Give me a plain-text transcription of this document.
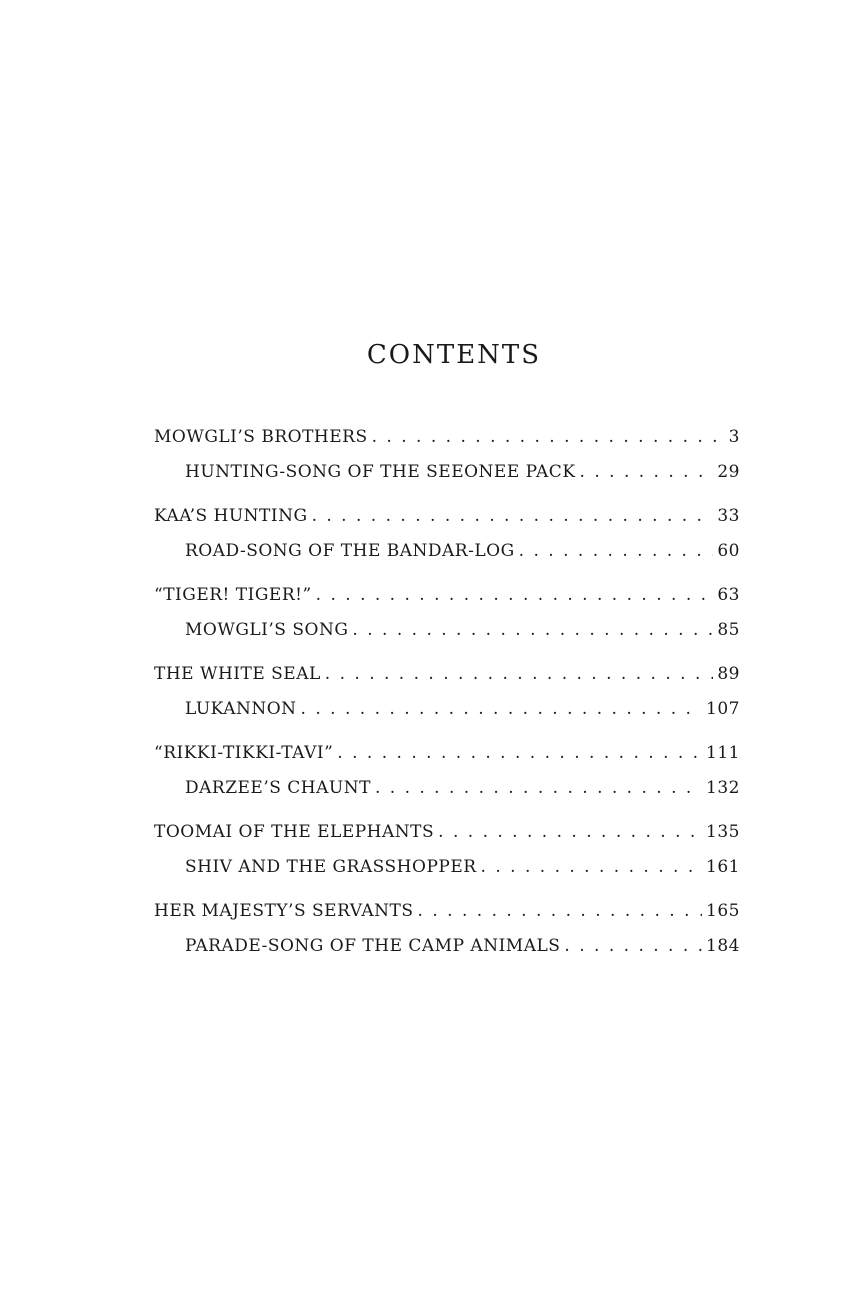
CONTENTS
MOWGLI’S BROTHERS . . .	3
HUNTING-SONG OF THE SEEONEE PACK . . .	29
KAA’S HUNTING . . .	33
ROAD-SONG OF THE BANDAR-LOG . . .	60
“TIGER! TIGER!” . . .	63
MOWGLI’S SONG . . .	85
THE WHITE SEAL . . .	89
LUKANNON . . .	107
“RIKKI-TIKKI-TAVI” . . .	111
DARZEE’S CHAUNT . . .	132
TOOMAI OF THE ELEPHANTS . . .	135
SHIV AND THE GRASSHOPPER . . .	161
HER MAJESTY’S SERVANTS . . .	165
PARADE-SONG OF THE CAMP ANIMALS . . .	184
